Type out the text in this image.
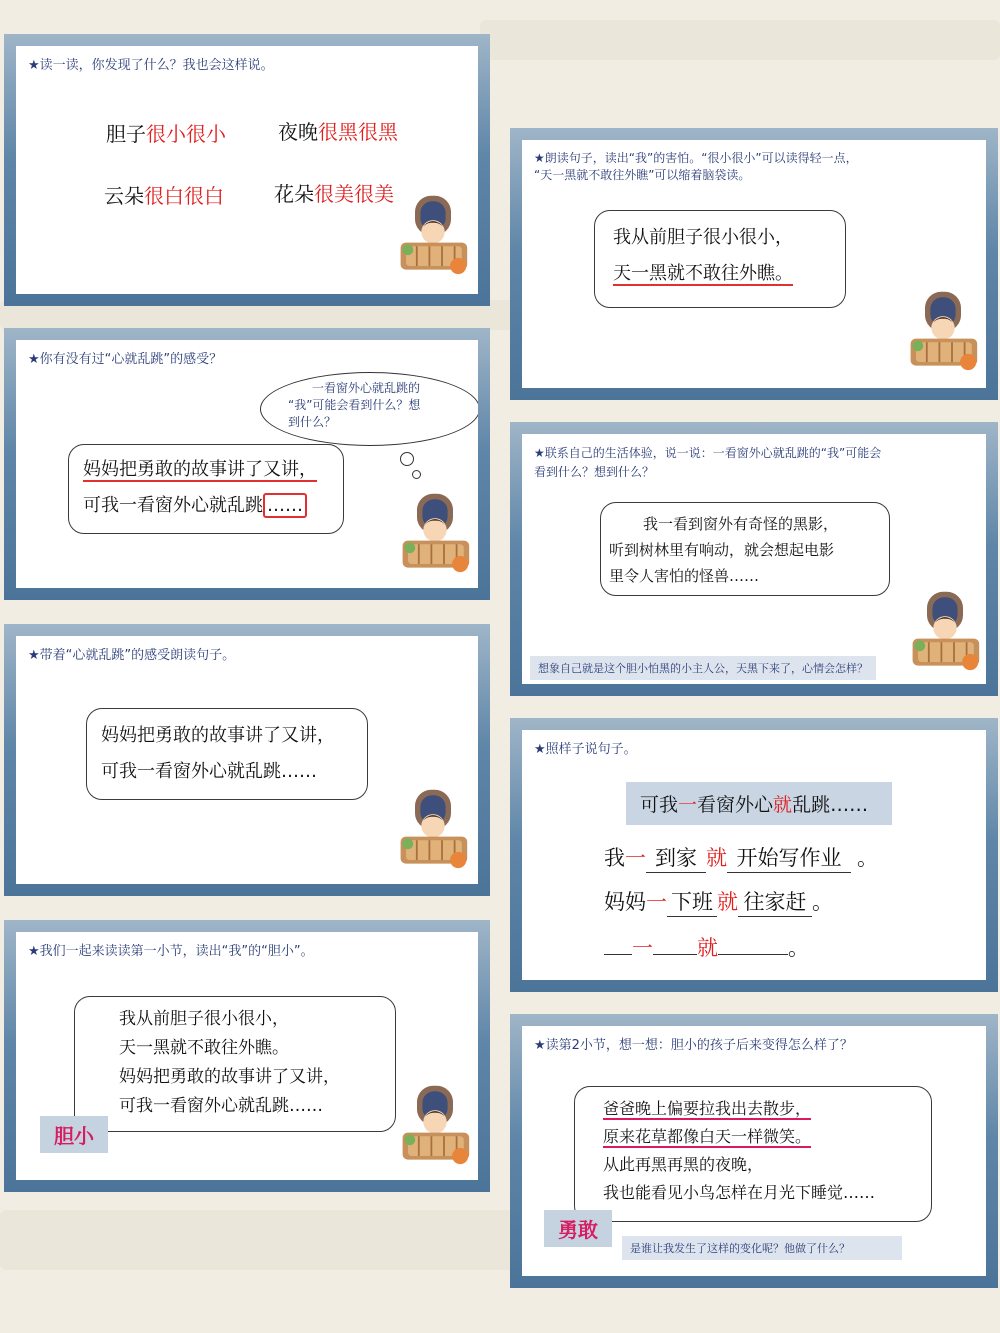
★读一读，你发现了什么？我也会这样说。
胆子很小很小	夜晚很黑很黑
云朵很白很白	花朵很美很美
★朗读句子，读出“我”的害怕。“很小很小”可以读得轻一点，
“天一黑就不敢往外瞧”可以缩着脑袋读。
我从前胆子很小很小，
天一黑就不敢往外瞧。
★你有没有过“心就乱跳”的感受？
一看窗外心就乱跳的
“我”可能会看到什么？想
到什么？
妈妈把勇敢的故事讲了又讲，
可我一看窗外心就乱跳 ……
★联系自己的生活体验，说一说：一看窗外心就乱跳的“我”可能会
看到什么？想到什么？
我一看到窗外有奇怪的黑影，
听到树林里有响动，就会想起电影
里令人害怕的怪兽……
想象自己就是这个胆小怕黑的小主人公，天黑下来了，心情会怎样？
★带着“心就乱跳”的感受朗读句子。
妈妈把勇敢的故事讲了又讲，
可我一看窗外心就乱跳……
★照样子说句子。
可我一看窗外心就乱跳……
我一 到家 就 开始写作业 。
妈妈一 下班 就 往家赶 。
一 就	。
★我们一起来读读第一小节，读出“我”的“胆小”。
我从前胆子很小很小，
天一黑就不敢往外瞧。
妈妈把勇敢的故事讲了又讲，
可我一看窗外心就乱跳……
胆小
★读第2小节，想一想：胆小的孩子后来变得怎么样了？
爸爸晚上偏要拉我出去散步，
原来花草都像白天一样微笑。
从此再黑再黑的夜晚，
我也能看见小鸟怎样在月光下睡觉……
勇敢
是谁让我发生了这样的变化呢？他做了什么？
